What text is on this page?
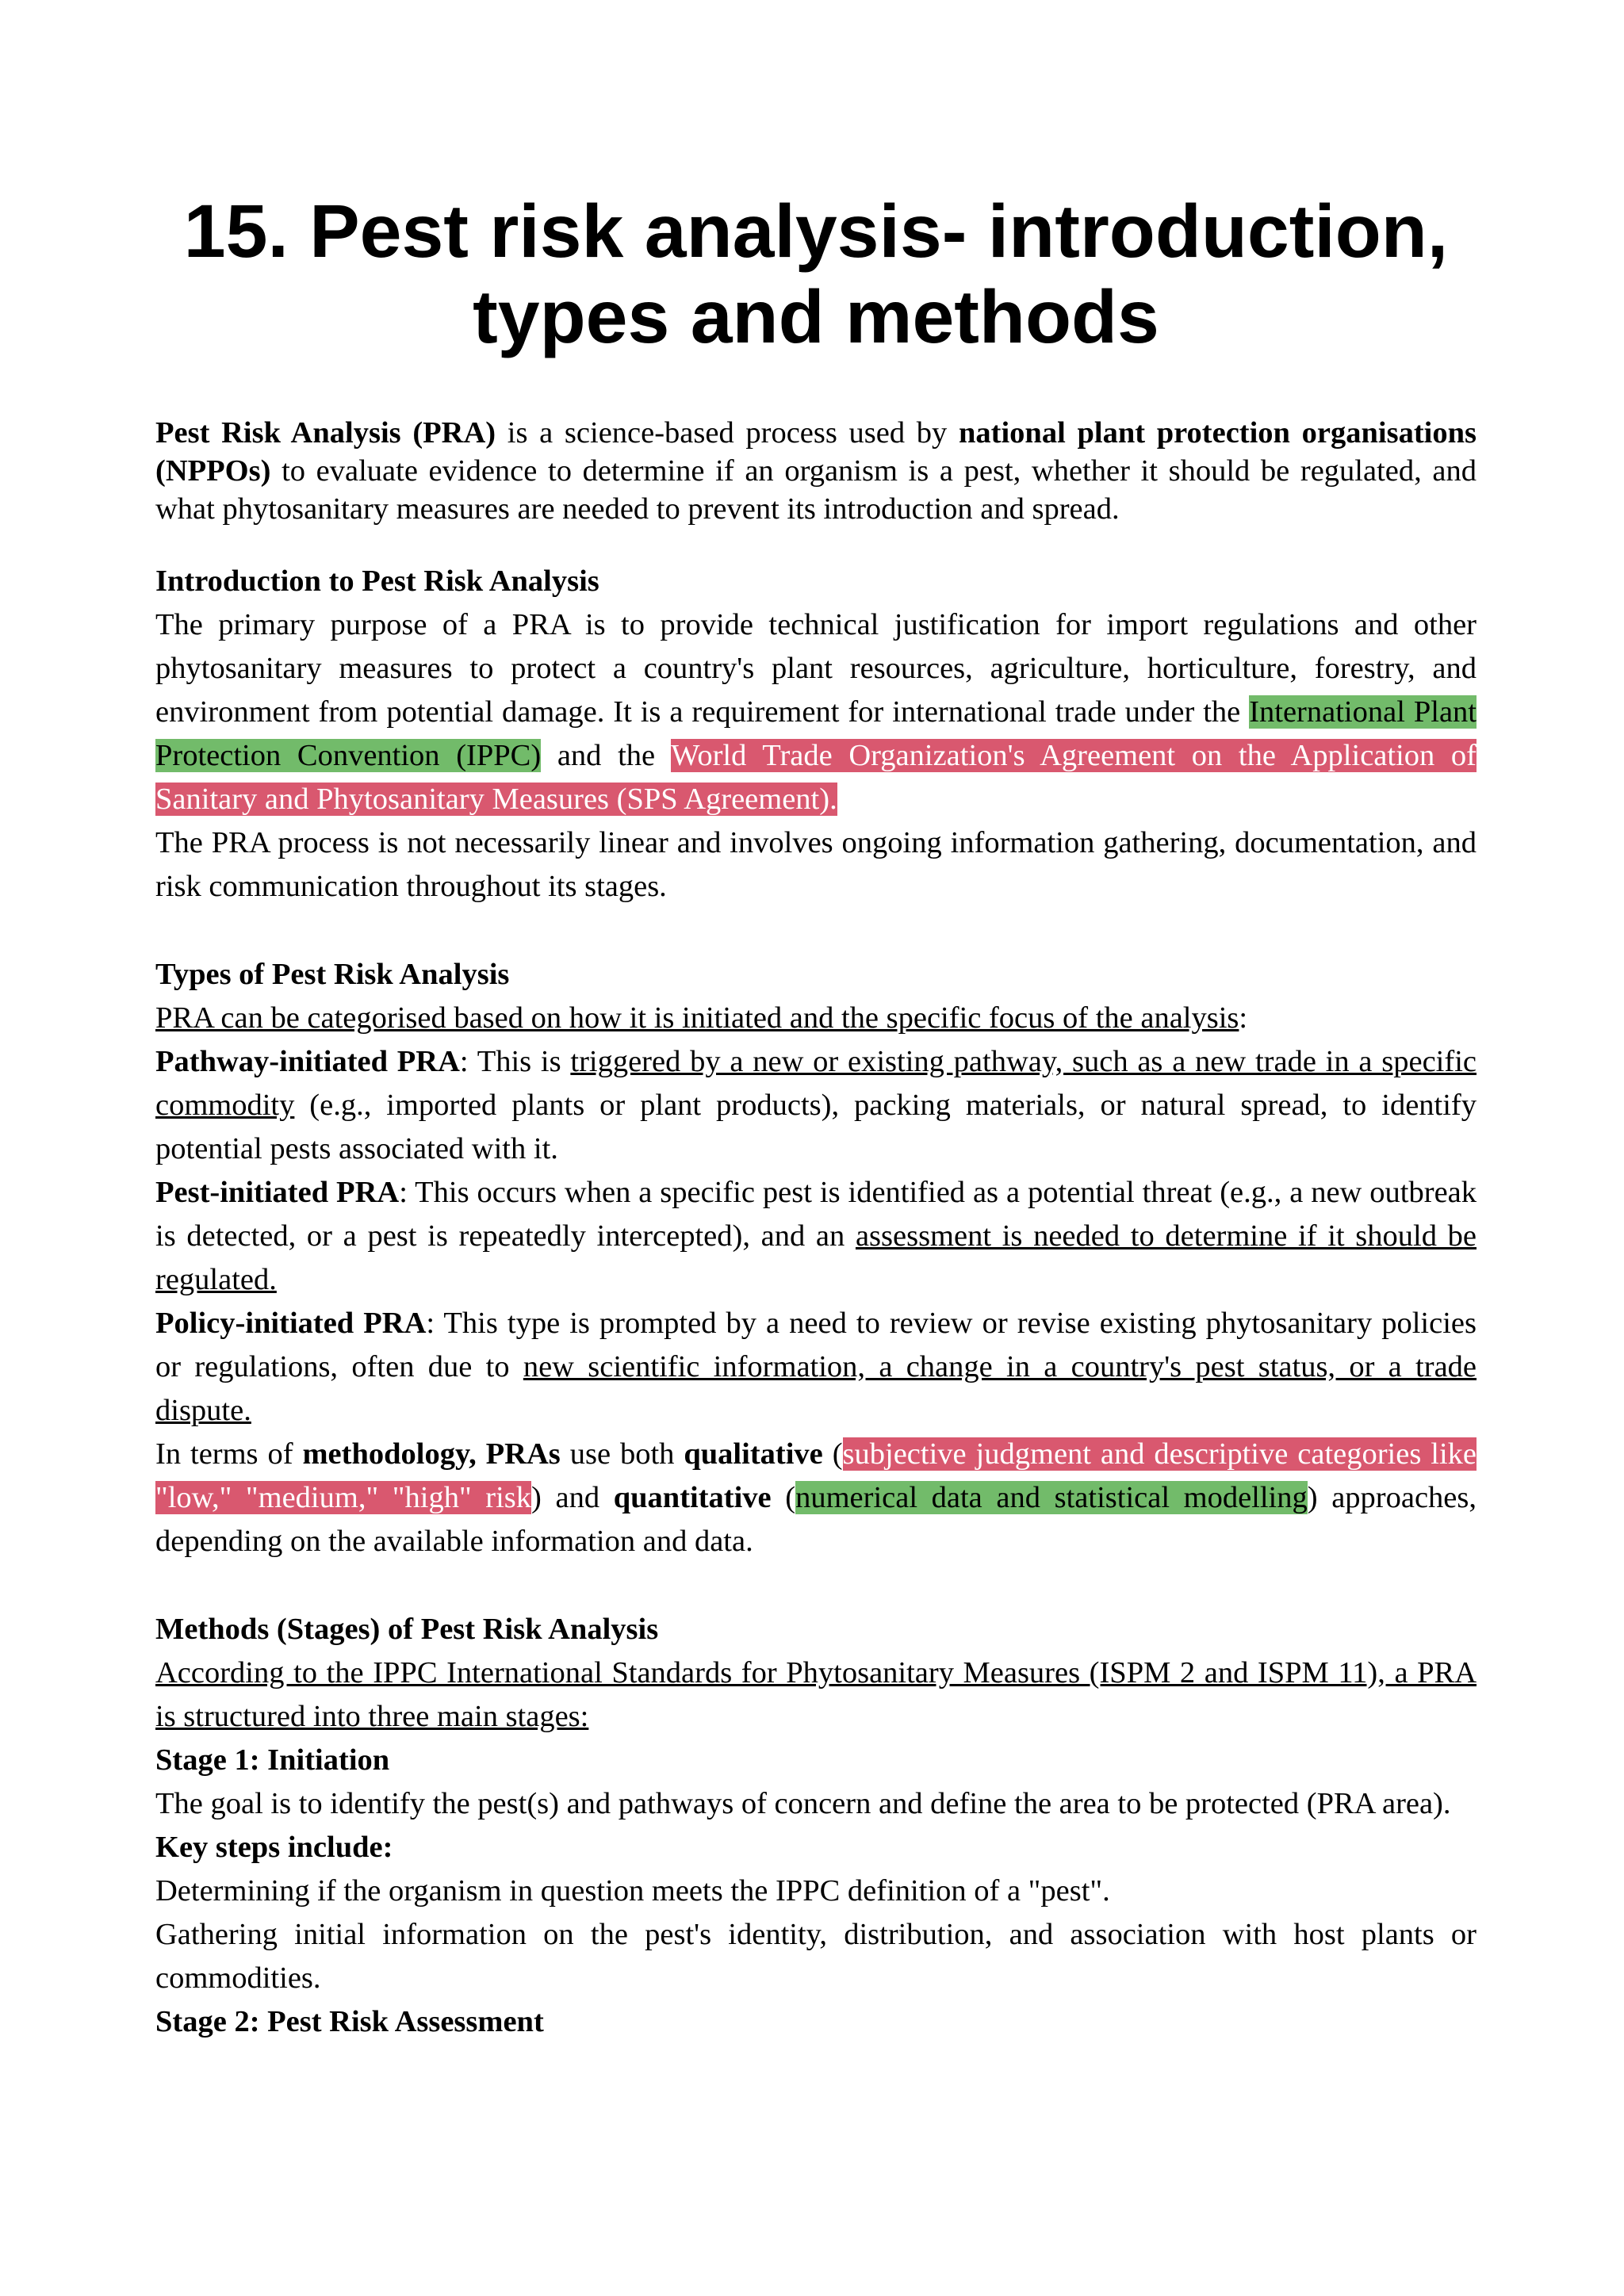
15. Pest risk analysis- introduction, types and methods

Pest Risk Analysis (PRA) is a science-based process used by national plant protection organisations (NPPOs) to evaluate evidence to determine if an organism is a pest, whether it should be regulated, and what phytosanitary measures are needed to prevent its introduction and spread.

Introduction to Pest Risk Analysis

The primary purpose of a PRA is to provide technical justification for import regulations and other phytosanitary measures to protect a country's plant resources, agriculture, horticulture, forestry, and environment from potential damage. It is a requirement for international trade under the International Plant Protection Convention (IPPC) and the World Trade Organization's Agreement on the Application of Sanitary and Phytosanitary Measures (SPS Agreement).

The PRA process is not necessarily linear and involves ongoing information gathering, documentation, and risk communication throughout its stages.

Types of Pest Risk Analysis

PRA can be categorised based on how it is initiated and the specific focus of the analysis:

Pathway-initiated PRA: This is triggered by a new or existing pathway, such as a new trade in a specific commodity (e.g., imported plants or plant products), packing materials, or natural spread, to identify potential pests associated with it.

Pest-initiated PRA: This occurs when a specific pest is identified as a potential threat (e.g., a new outbreak is detected, or a pest is repeatedly intercepted), and an assessment is needed to determine if it should be regulated.

Policy-initiated PRA: This type is prompted by a need to review or revise existing phytosanitary policies or regulations, often due to new scientific information, a change in a country's pest status, or a trade dispute.

In terms of methodology, PRAs use both qualitative (subjective judgment and descriptive categories like "low," "medium," "high" risk) and quantitative (numerical data and statistical modelling) approaches, depending on the available information and data.

Methods (Stages) of Pest Risk Analysis

According to the IPPC International Standards for Phytosanitary Measures (ISPM 2 and ISPM 11), a PRA is structured into three main stages:

Stage 1: Initiation

The goal is to identify the pest(s) and pathways of concern and define the area to be protected (PRA area).

Key steps include:

Determining if the organism in question meets the IPPC definition of a "pest".

Gathering initial information on the pest's identity, distribution, and association with host plants or commodities.

Stage 2: Pest Risk Assessment
